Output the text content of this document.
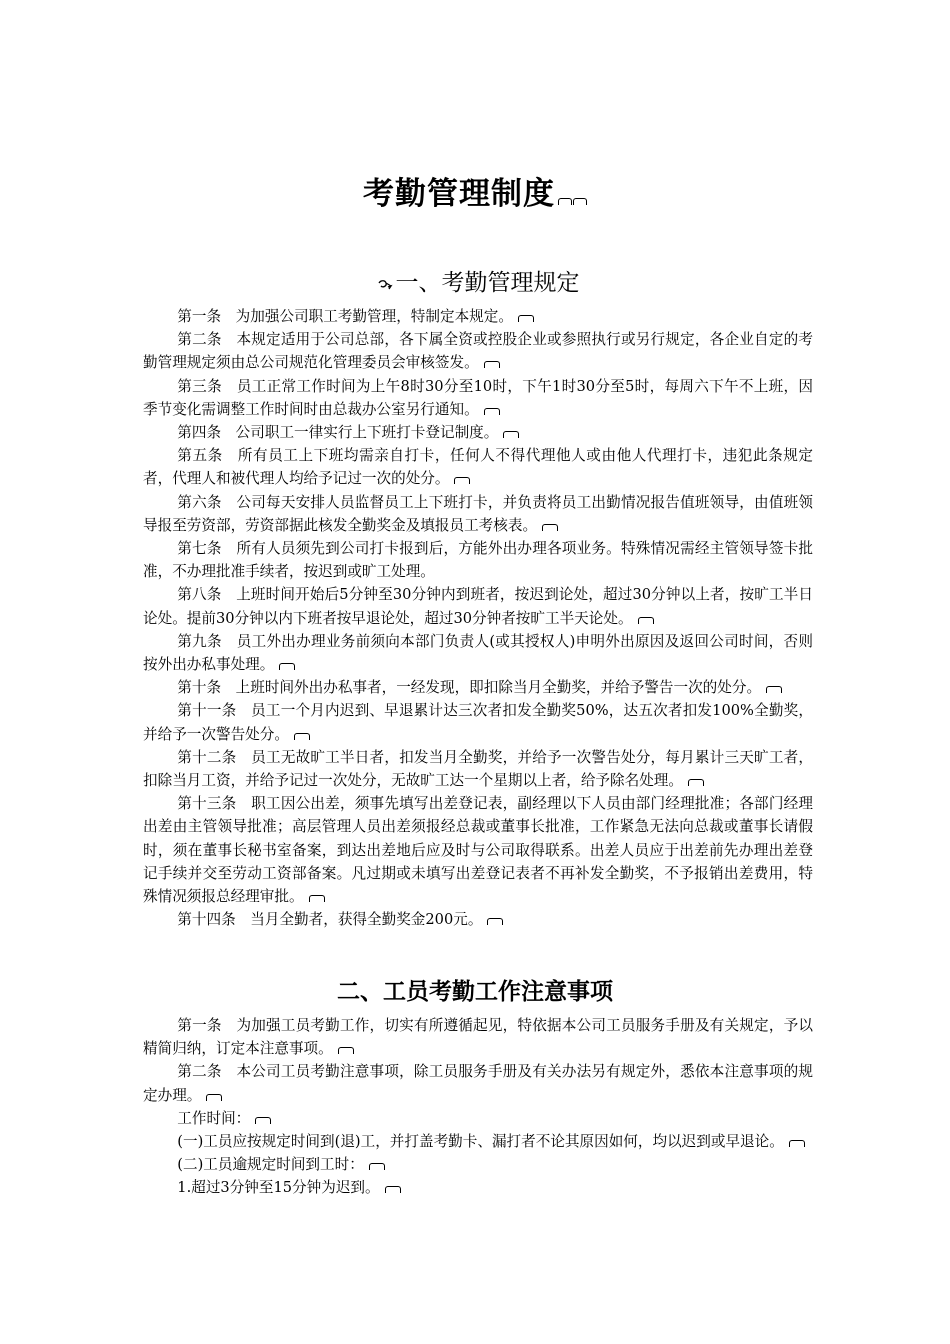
考勤管理制度
一、考勤管理规定

第一条　为加强公司职工考勤管理，特制定本规定。

第二条　本规定适用于公司总部，各下属全资或控股企业或参照执行或另行规定，各企业自定的考勤管理规定须由总公司规范化管理委员会审核签发。

第三条　员工正常工作时间为上午8时30分至10时，下午1时30分至5时，每周六下午不上班，因季节变化需调整工作时间时由总裁办公室另行通知。

第四条　公司职工一律实行上下班打卡登记制度。

第五条　所有员工上下班均需亲自打卡，任何人不得代理他人或由他人代理打卡，违犯此条规定者，代理人和被代理人均给予记过一次的处分。

第六条　公司每天安排人员监督员工上下班打卡，并负责将员工出勤情况报告值班领导，由值班领导报至劳资部，劳资部据此核发全勤奖金及填报员工考核表。

第七条　所有人员须先到公司打卡报到后，方能外出办理各项业务。特殊情况需经主管领导签卡批准，不办理批准手续者，按迟到或旷工处理。

第八条　上班时间开始后5分钟至30分钟内到班者，按迟到论处，超过30分钟以上者，按旷工半日论处。提前30分钟以内下班者按早退论处，超过30分钟者按旷工半天论处。

第九条　员工外出办理业务前须向本部门负责人(或其授权人)申明外出原因及返回公司时间，否则按外出办私事处理。

第十条　上班时间外出办私事者，一经发现，即扣除当月全勤奖，并给予警告一次的处分。

第十一条　员工一个月内迟到、早退累计达三次者扣发全勤奖50%，达五次者扣发100%全勤奖，并给予一次警告处分。

第十二条　员工无故旷工半日者，扣发当月全勤奖，并给予一次警告处分，每月累计三天旷工者，扣除当月工资，并给予记过一次处分，无故旷工达一个星期以上者，给予除名处理。

第十三条　职工因公出差，须事先填写出差登记表，副经理以下人员由部门经理批准；各部门经理出差由主管领导批准；高层管理人员出差须报经总裁或董事长批准，工作紧急无法向总裁或董事长请假时，须在董事长秘书室备案，到达出差地后应及时与公司取得联系。出差人员应于出差前先办理出差登记手续并交至劳动工资部备案。凡过期或未填写出差登记表者不再补发全勤奖，不予报销出差费用，特殊情况须报总经理审批。

第十四条　当月全勤者，获得全勤奖金200元。

二、工员考勤工作注意事项

第一条　为加强工员考勤工作，切实有所遵循起见，特依据本公司工员服务手册及有关规定，予以精简归纳，订定本注意事项。

第二条　本公司工员考勤注意事项，除工员服务手册及有关办法另有规定外，悉依本注意事项的规定办理。

工作时间：

(一)工员应按规定时间到(退)工，并打盖考勤卡、漏打者不论其原因如何，均以迟到或早退论。

(二)工员逾规定时间到工时：

1.超过3分钟至15分钟为迟到。
